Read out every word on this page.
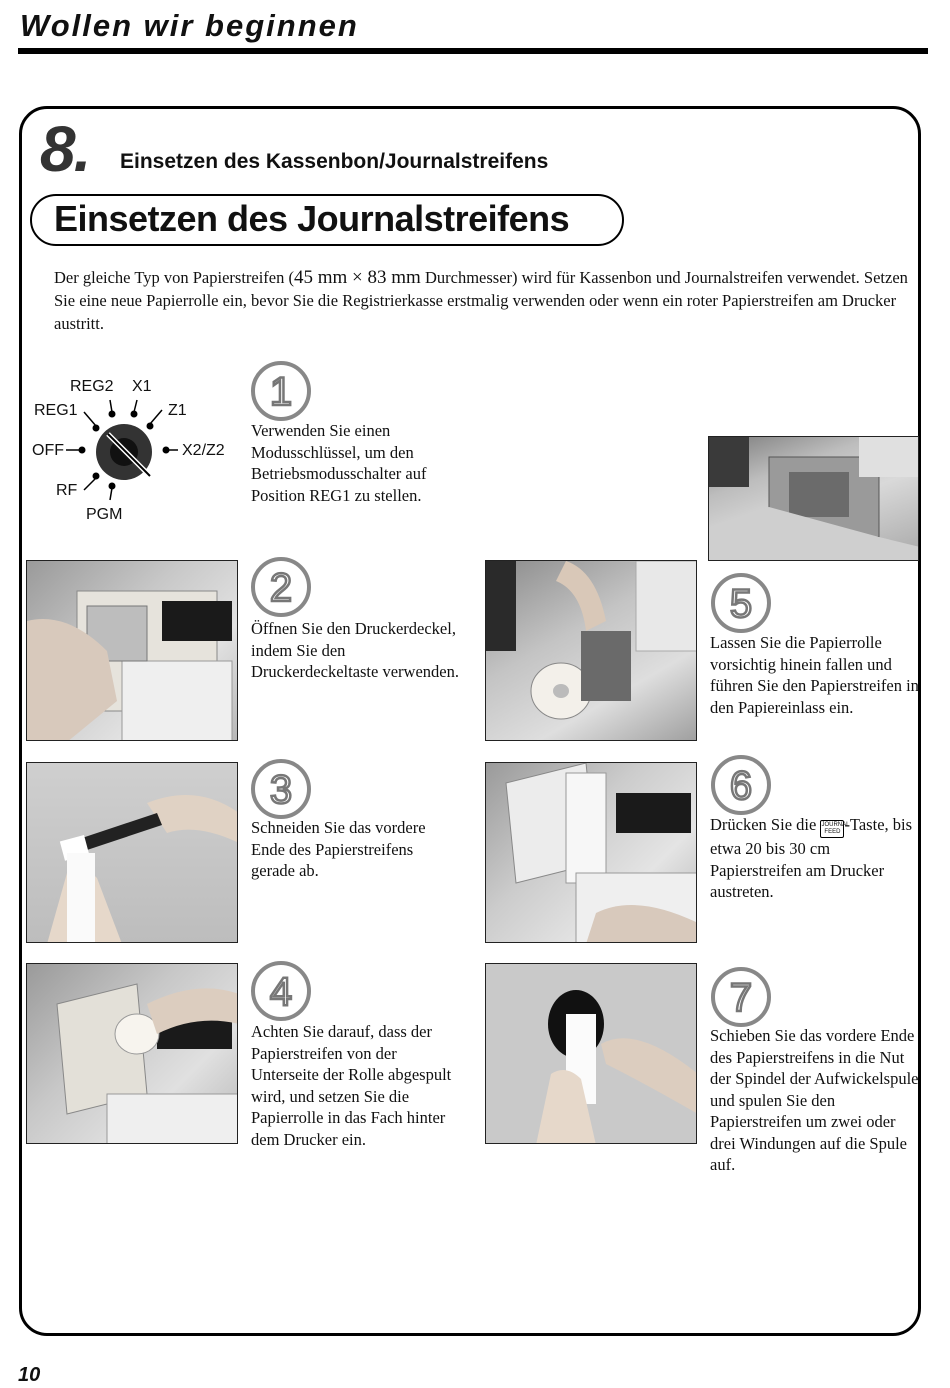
Wollen wir beginnen
8. Einsetzen des Kassenbon/Journalstreifens
Einsetzen des Journalstreifens
Der gleiche Typ von Papierstreifen (45 mm × 83 mm Durchmesser) wird für Kassenbon und Journalstreifen verwendet. Setzen Sie eine neue Papierrolle ein, bevor Sie die Registrierkasse erstmalig verwenden oder wenn ein roter Papierstreifen am Drucker austritt.
REG2 X1
REG1	Z1
OFF	X2/Z2
RF
PGM
1
Verwenden Sie einen Modusschlüssel, um den Betriebsmodusschalter auf Position REG1 zu stellen.
2
Öffnen Sie den Druckerdeckel, indem Sie den Druckerdeckeltaste verwenden.
5
Lassen Sie die Papierrolle vorsichtig hinein fallen und führen Sie den Papierstreifen in den Papiereinlass ein.
3
Schneiden Sie das vordere Ende des Papierstreifens gerade ab.
6
Drücken Sie die JOURNAL
FEED -Taste, bis etwa 20 bis 30 cm Papierstreifen am Drucker austreten.
4
Achten Sie darauf, dass der Papierstreifen von der Unterseite der Rolle abgespult wird, und setzen Sie die Papierrolle in das Fach hinter dem Drucker ein.
7
Schieben Sie das vordere Ende des Papierstreifens in die Nut der Spindel der Aufwickelspule und spulen Sie den Papierstreifen um zwei oder drei Windungen auf die Spule auf.
10
